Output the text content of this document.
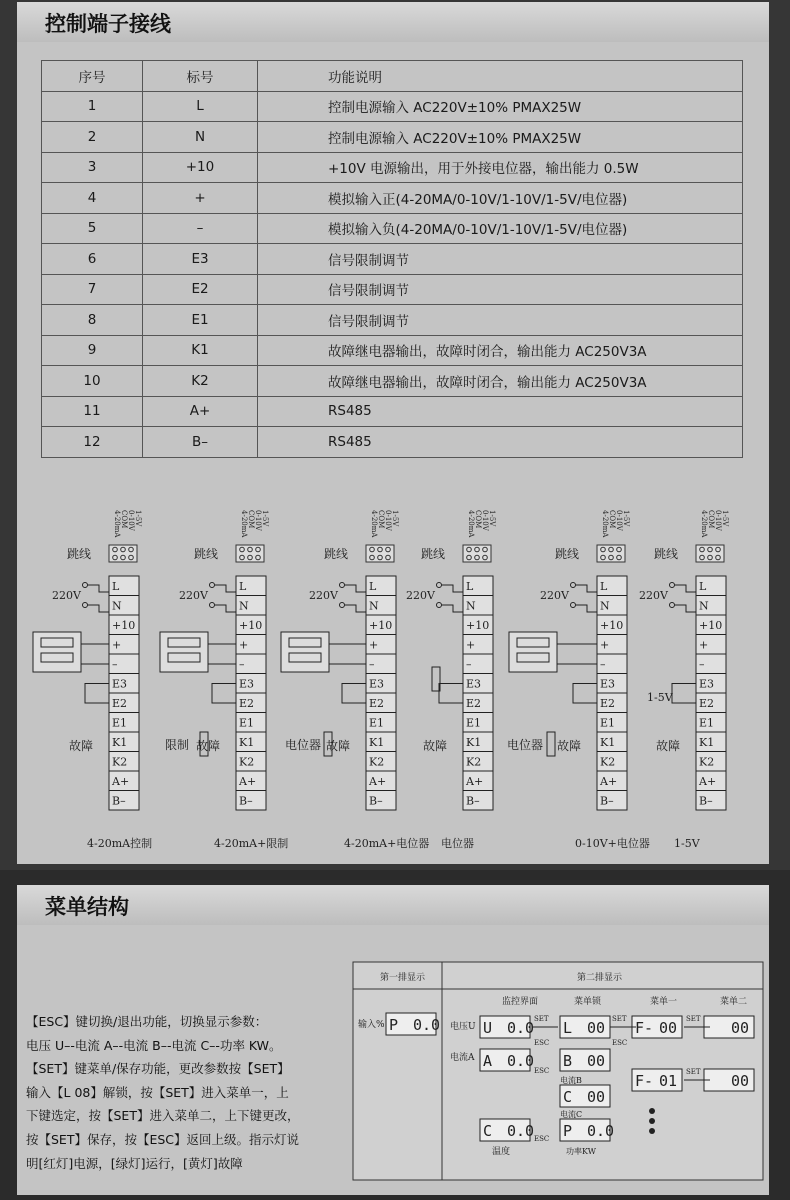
控制端子接线
序号	标号	功能说明
1	L	控制电源输入 AC220V±10% PMAX25W
2	N	控制电源输入 AC220V±10% PMAX25W
3	+10	+10V 电源输出，用于外接电位器，输出能力 0.5W
4	+	模拟输入正(4-20MA/0-10V/1-10V/1-5V/电位器)
5	–	模拟输入负(4-20MA/0-10V/1-10V/1-5V/电位器)
6	E3	信号限制调节
7	E2	信号限制调节
8	E1	信号限制调节
9	K1	故障继电器输出，故障时闭合，输出能力 AC250V3A
10	K2	故障继电器输出，故障时闭合，输出能力 AC250V3A
11	A+	RS485
12	B–	RS485
4-20mA COM 0-10V 1-5V
跳线
L
N
+10
+
–
E3
E2
E1
K1
K2
A+
B–
220V
故障
4-20mA控制
4-20mA COM 0-10V 1-5V
跳线
L
N
+10
+
–
E3
E2
E1
K1
K2
A+
B–
220V
故障
4-20mA+限制
4-20mA COM 0-10V 1-5V
跳线
L
N
+10
+
–
E3
E2
E1
K1
K2
A+
B–
220V
故障
4-20mA+电位器
4-20mA COM 0-10V 1-5V
跳线
L
N
+10
+
–
E3
E2
E1
K1
K2
A+
B–
220V
故障
电位器
4-20mA COM 0-10V 1-5V
跳线
L
N
+10
+
–
E3
E2
E1
K1
K2
A+
B–
220V
故障
0-10V+电位器
4-20mA COM 0-10V 1-5V
跳线
L
N
+10
+
–
E3
E2
E1
K1
K2
A+
B–
220V
故障
1-5V
限制	电位器	电位器
1-5V
菜单结构

【ESC】键切换/退出功能，切换显示参数：

电压 U–-电流 A–-电流 B–-电流 C–-功率 KW。

【SET】键菜单/保存功能，更改参数按【SET】

输入【L 08】解锁，按【SET】进入菜单一，上

下键选定，按【SET】进入菜单二，上下键更改，

按【SET】保存，按【ESC】返回上级。指示灯说

明[红灯]电源，[绿灯]运行，[黄灯]故障

第一排显示	第二排显示
输入% P 0.0
监控界面	菜单锁	菜单一	菜单二
电压U U 0.0 L 00 F- 00	00
电流A A 0.0 B 00
电流B
C 00
电流C
F- 01	00
C 0.0
温度
P 0.0
功率KW
SET	SET	SET
SET
ESC	ESC
ESC
ESC
